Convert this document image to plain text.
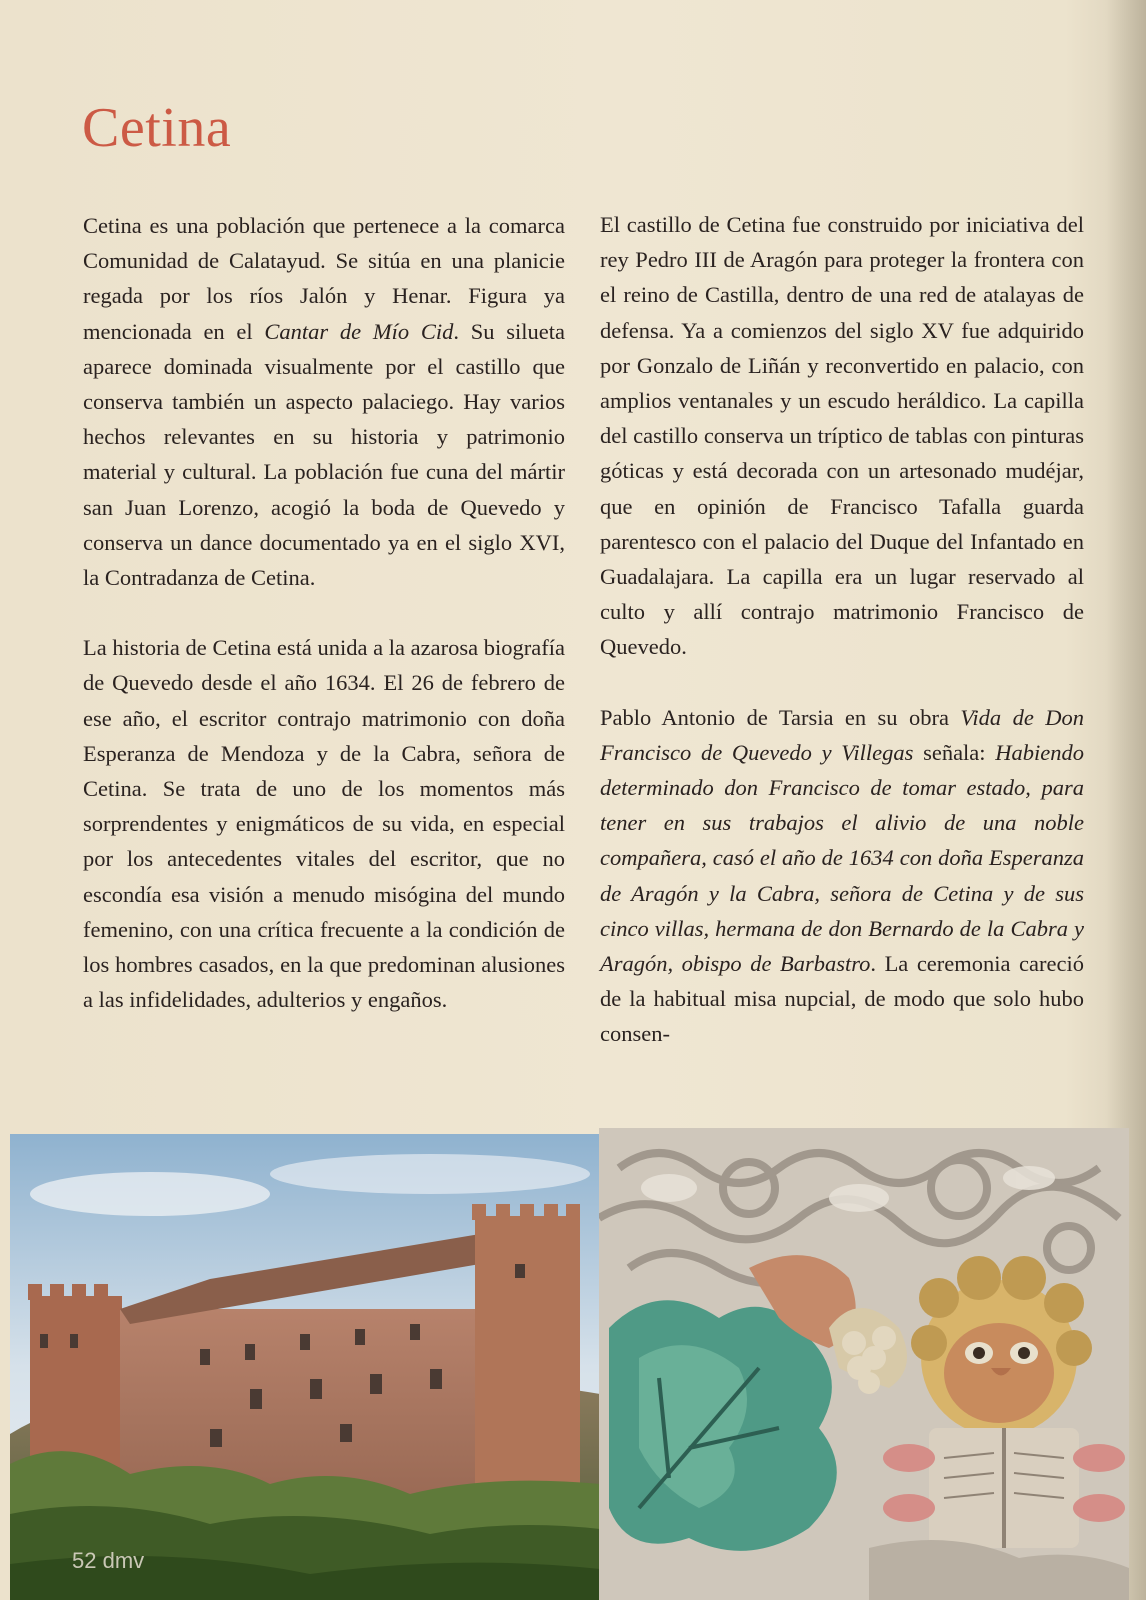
Cetina

Cetina es una población que pertenece a la comarca Comunidad de Calatayud. Se sitúa en una planicie regada por los ríos Jalón y Henar. Figura ya mencionada en el Cantar de Mío Cid. Su silueta aparece dominada visualmente por el castillo que conserva también un aspecto palaciego. Hay varios hechos relevantes en su historia y patrimonio material y cultural. La población fue cuna del mártir san Juan Lorenzo, acogió la boda de Quevedo y conserva un dance documentado ya en el siglo XVI, la Contradanza de Cetina.

La historia de Cetina está unida a la azarosa biografía de Quevedo desde el año 1634. El 26 de febrero de ese año, el escritor contrajo matrimonio con doña Esperanza de Mendoza y de la Cabra, señora de Cetina. Se trata de uno de los momentos más sorprendentes y enigmáticos de su vida, en especial por los antecedentes vitales del escritor, que no escondía esa visión a menudo misógina del mundo femenino, con una crítica frecuente a la condición de los hombres casados, en la que predominan alusiones a las infidelidades, adulterios y engaños.

El castillo de Cetina fue construido por iniciativa del rey Pedro III de Aragón para proteger la frontera con el reino de Castilla, dentro de una red de atalayas de defensa. Ya a comienzos del siglo XV fue adquirido por Gonzalo de Liñán y reconvertido en palacio, con amplios ventanales y un escudo heráldico. La capilla del castillo conserva un tríptico de tablas con pinturas góticas y está decorada con un artesonado mudéjar, que en opinión de Francisco Tafalla guarda parentesco con el palacio del Duque del Infantado en Guadalajara. La capilla era un lugar reservado al culto y allí contrajo matrimonio Francisco de Quevedo.

Pablo Antonio de Tarsia en su obra Vida de Don Francisco de Quevedo y Villegas señala: Habiendo determinado don Francisco de tomar estado, para tener en sus trabajos el alivio de una noble compañera, casó el año de 1634 con doña Esperanza de Aragón y la Cabra, señora de Cetina y de sus cinco villas, hermana de don Bernardo de la Cabra y Aragón, obispo de Barbastro. La ceremonia careció de la habitual misa nupcial, de modo que solo hubo consen-

52 dmv
